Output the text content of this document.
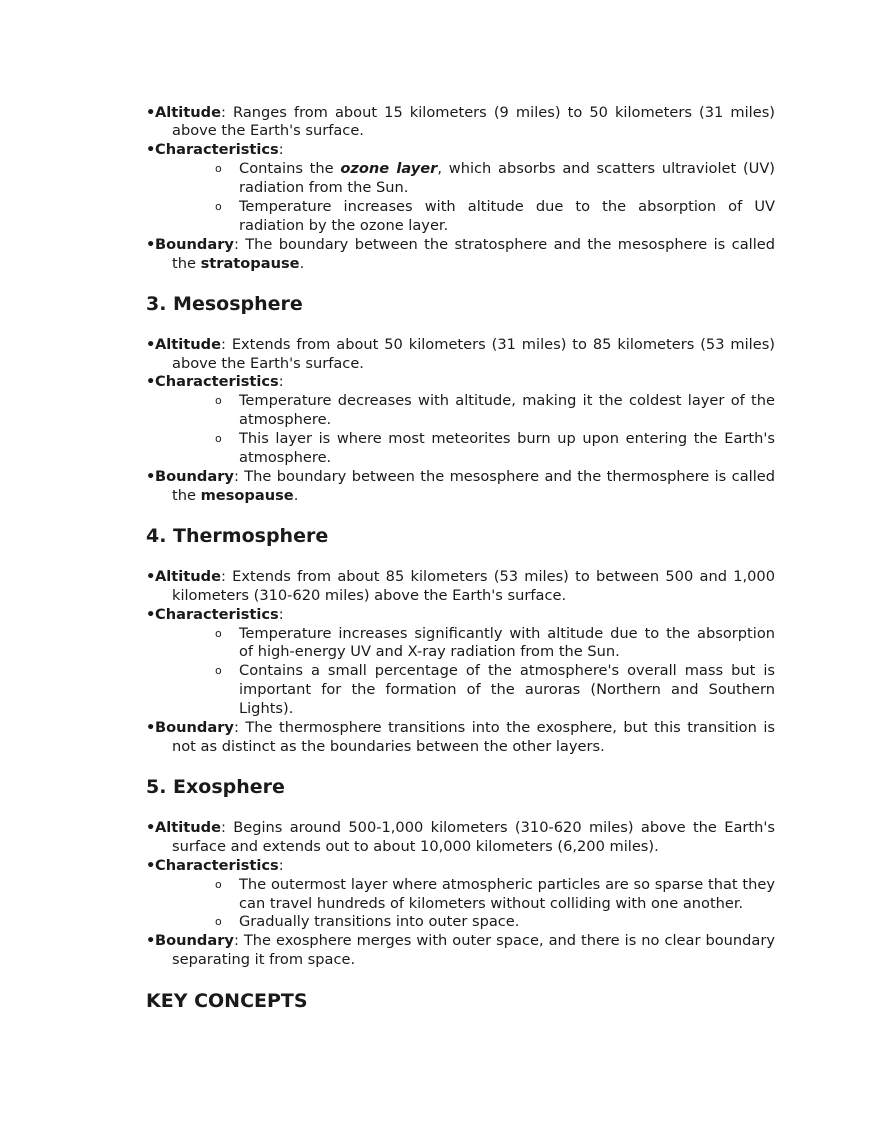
• Altitude: Ranges from about 15 kilometers (9 miles) to 50 kilometers (31 miles) above the Earth's surface.
• Characteristics:
o Contains the ozone layer, which absorbs and scatters ultraviolet (UV) radiation from the Sun.
o Temperature increases with altitude due to the absorption of UV radiation by the ozone layer.
• Boundary: The boundary between the stratosphere and the mesosphere is called the stratopause.
3. Mesosphere
• Altitude: Extends from about 50 kilometers (31 miles) to 85 kilometers (53 miles) above the Earth's surface.
• Characteristics:
o Temperature decreases with altitude, making it the coldest layer of the atmosphere.
o This layer is where most meteorites burn up upon entering the Earth's atmosphere.
• Boundary: The boundary between the mesosphere and the thermosphere is called the mesopause.
4. Thermosphere
• Altitude: Extends from about 85 kilometers (53 miles) to between 500 and 1,000 kilometers (310-620 miles) above the Earth's surface.
• Characteristics:
o Temperature increases significantly with altitude due to the absorption of high-energy UV and X-ray radiation from the Sun.
o Contains a small percentage of the atmosphere's overall mass but is important for the formation of the auroras (Northern and Southern Lights).
• Boundary: The thermosphere transitions into the exosphere, but this transition is not as distinct as the boundaries between the other layers.
5. Exosphere
• Altitude: Begins around 500-1,000 kilometers (310-620 miles) above the Earth's surface and extends out to about 10,000 kilometers (6,200 miles).
• Characteristics:
o The outermost layer where atmospheric particles are so sparse that they can travel hundreds of kilometers without colliding with one another.
o Gradually transitions into outer space.
• Boundary: The exosphere merges with outer space, and there is no clear boundary separating it from space.
KEY CONCEPTS
